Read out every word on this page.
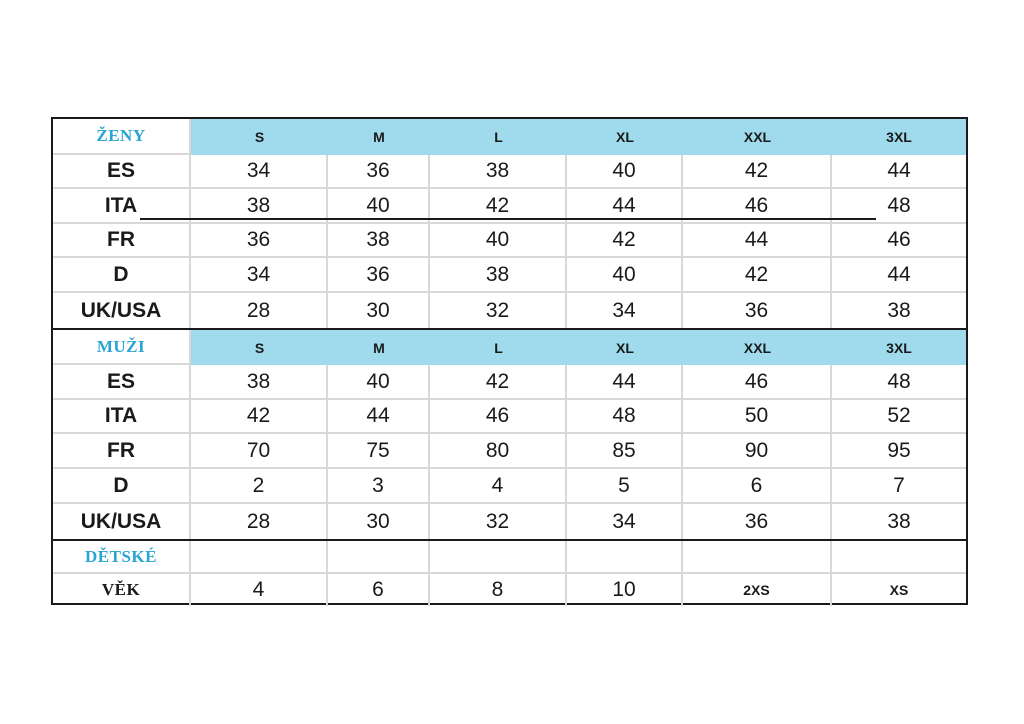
ŽENY	S	M	L	XL	XXL	3XL
ES	34	36	38	40	42	44
ITA	38	40	42	44	46	48
FR	36	38	40	42	44	46
D	34	36	38	40	42	44
UK/USA	28	30	32	34	36	38
MUŽI	S	M	L	XL	XXL	3XL
ES	38	40	42	44	46	48
ITA	42	44	46	48	50	52
FR	70	75	80	85	90	95
D	2	3	4	5	6	7
UK/USA	28	30	32	34	36	38
DĚTSKÉ
VĚK	4	6	8	10	2XS	XS
